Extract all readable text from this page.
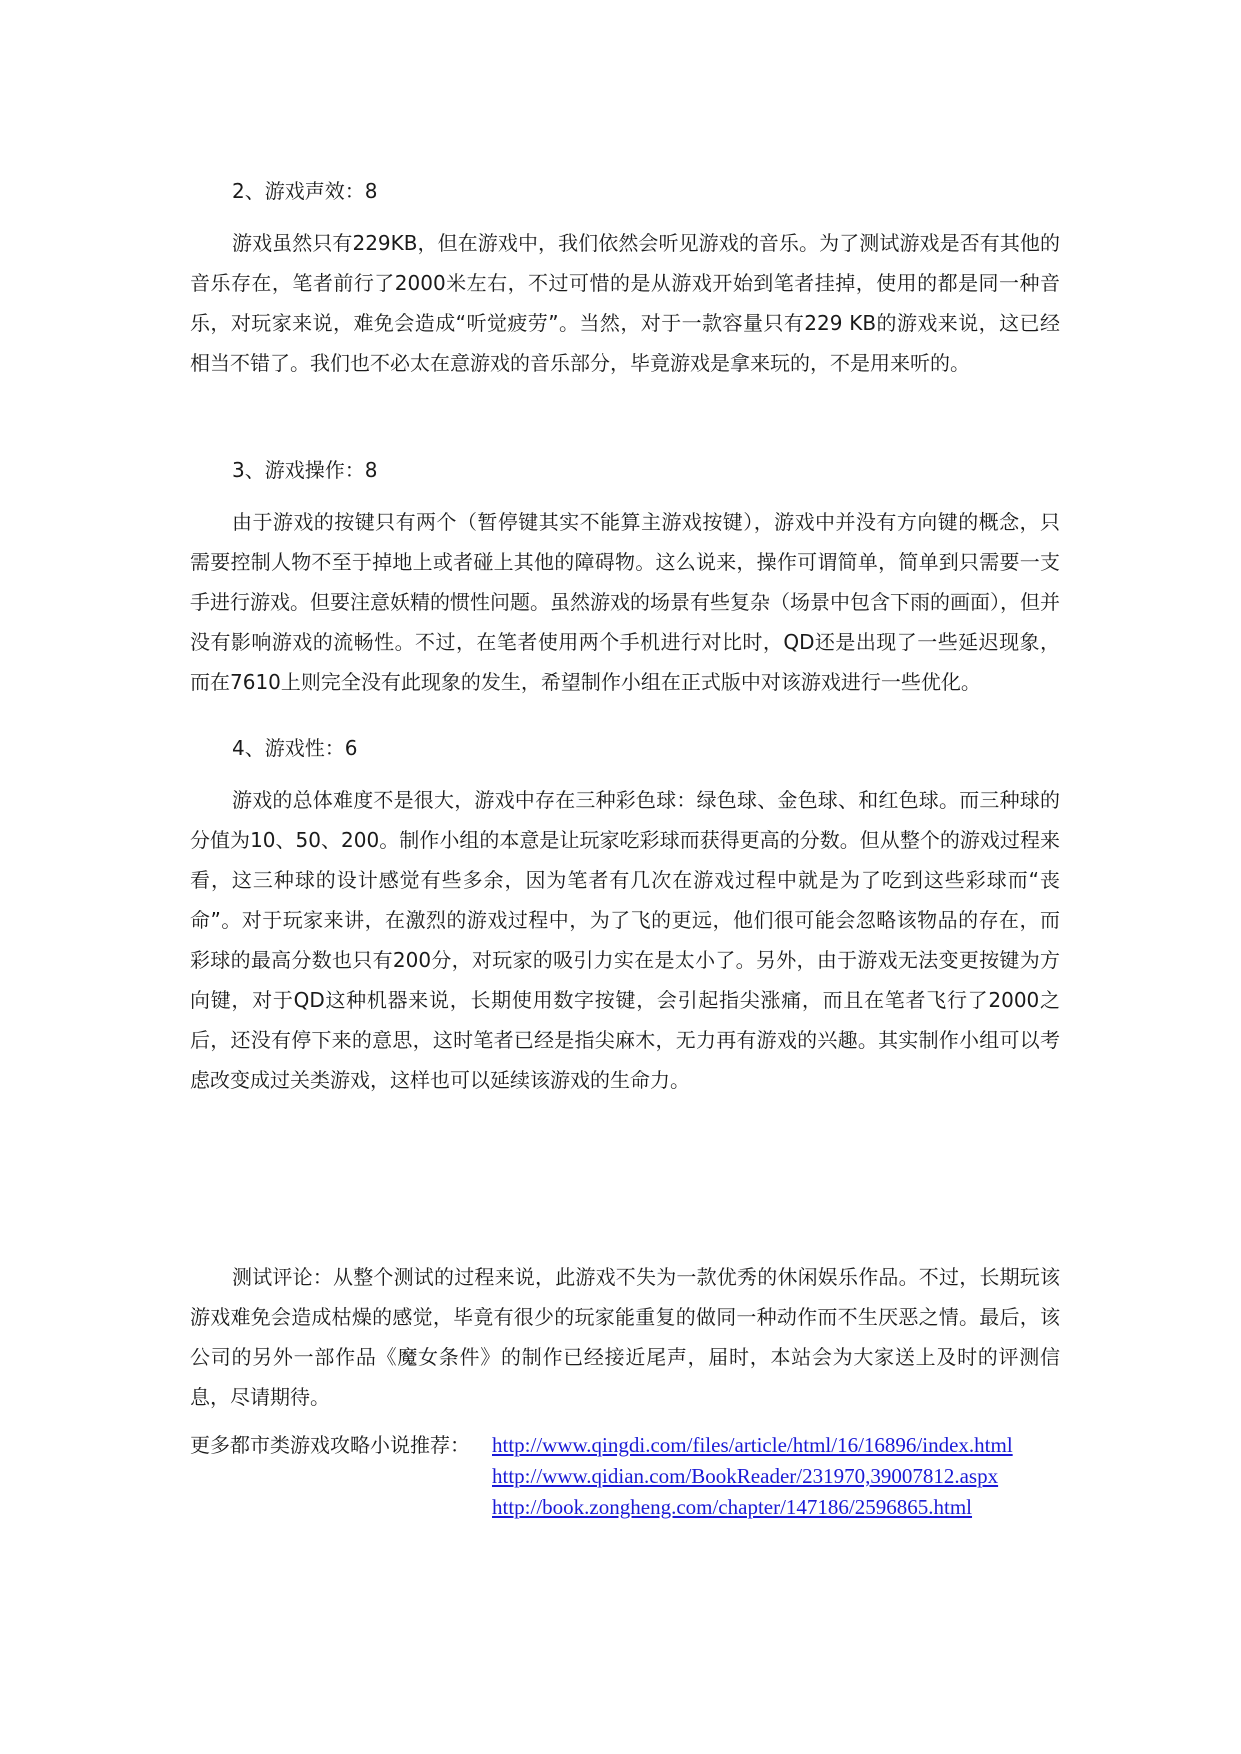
2、游戏声效：8

游戏虽然只有229KB，但在游戏中，我们依然会听见游戏的音乐。为了测试游戏是否有其他的音乐存在，笔者前行了2000米左右，不过可惜的是从游戏开始到笔者挂掉，使用的都是同一种音乐，对玩家来说，难免会造成“听觉疲劳”。当然，对于一款容量只有229 KB的游戏来说，这已经相当不错了。我们也不必太在意游戏的音乐部分，毕竟游戏是拿来玩的，不是用来听的。

3、游戏操作：8

由于游戏的按键只有两个（暂停键其实不能算主游戏按键），游戏中并没有方向键的概念，只需要控制人物不至于掉地上或者碰上其他的障碍物。这么说来，操作可谓简单，简单到只需要一支手进行游戏。但要注意妖精的惯性问题。虽然游戏的场景有些复杂（场景中包含下雨的画面），但并没有影响游戏的流畅性。不过，在笔者使用两个手机进行对比时，QD还是出现了一些延迟现象，而在7610上则完全没有此现象的发生，希望制作小组在正式版中对该游戏进行一些优化。

4、游戏性：6

游戏的总体难度不是很大，游戏中存在三种彩色球：绿色球、金色球、和红色球。而三种球的分值为10、50、200。制作小组的本意是让玩家吃彩球而获得更高的分数。但从整个的游戏过程来看，这三种球的设计感觉有些多余，因为笔者有几次在游戏过程中就是为了吃到这些彩球而“丧命”。对于玩家来讲，在激烈的游戏过程中，为了飞的更远，他们很可能会忽略该物品的存在，而彩球的最高分数也只有200分，对玩家的吸引力实在是太小了。另外，由于游戏无法变更按键为方向键，对于QD这种机器来说，长期使用数字按键，会引起指尖涨痛，而且在笔者飞行了2000之后，还没有停下来的意思，这时笔者已经是指尖麻木，无力再有游戏的兴趣。其实制作小组可以考虑改变成过关类游戏，这样也可以延续该游戏的生命力。

测试评论：从整个测试的过程来说，此游戏不失为一款优秀的休闲娱乐作品。不过，长期玩该游戏难免会造成枯燥的感觉，毕竟有很少的玩家能重复的做同一种动作而不生厌恶之情。最后，该公司的另外一部作品《魔女条件》的制作已经接近尾声，届时，本站会为大家送上及时的评测信息，尽请期待。

更多都市类游戏攻略小说推荐： http://www.qingdi.com/files/article/html/16/16896/index.html
http://www.qidian.com/BookReader/231970,39007812.aspx
http://book.zongheng.com/chapter/147186/2596865.html
